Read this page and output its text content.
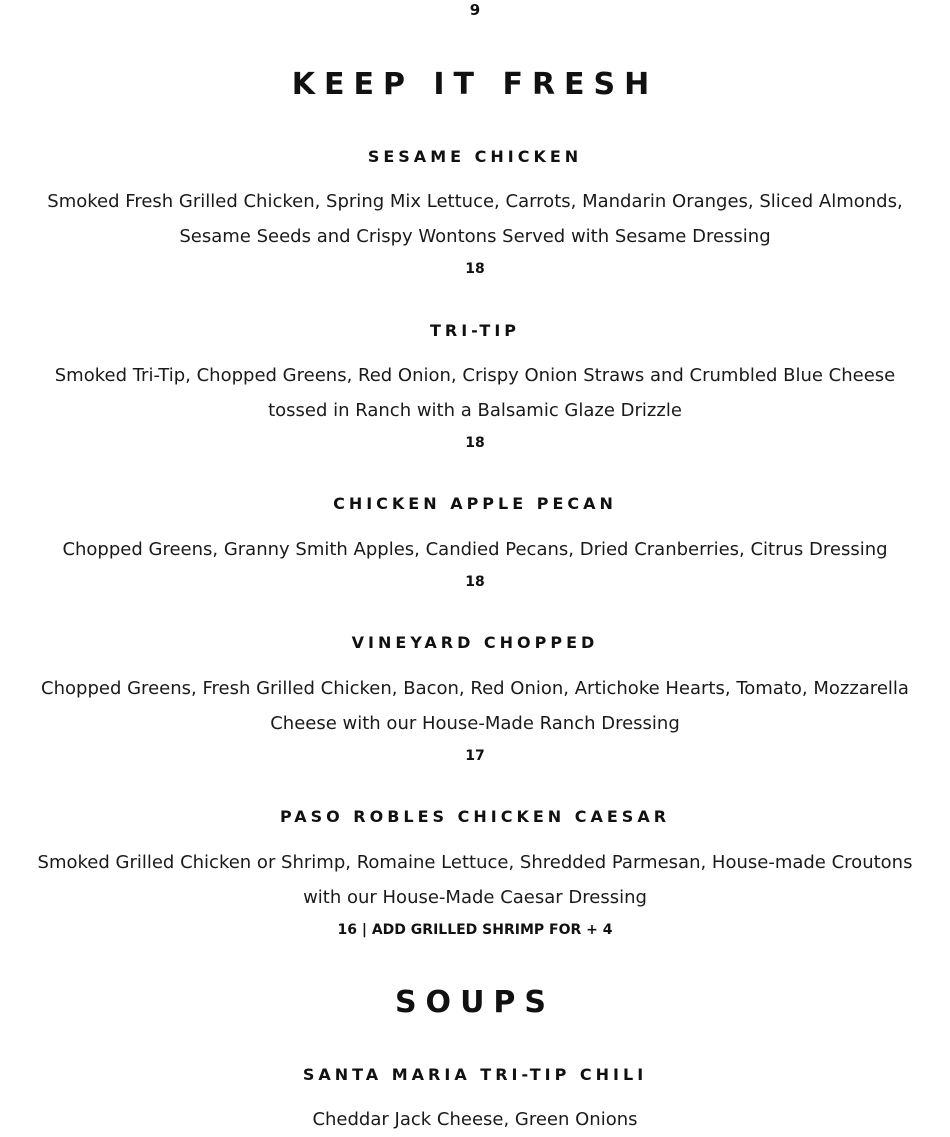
9
KEEP IT FRESH
SESAME CHICKEN
Smoked Fresh Grilled Chicken, Spring Mix Lettuce, Carrots, Mandarin Oranges, Sliced Almonds, Sesame Seeds and Crispy Wontons Served with Sesame Dressing
18
TRI-TIP
Smoked Tri-Tip, Chopped Greens, Red Onion, Crispy Onion Straws and Crumbled Blue Cheese tossed in Ranch with a Balsamic Glaze Drizzle
18
CHICKEN APPLE PECAN
Chopped Greens, Granny Smith Apples, Candied Pecans, Dried Cranberries, Citrus Dressing
18
VINEYARD CHOPPED
Chopped Greens, Fresh Grilled Chicken, Bacon, Red Onion, Artichoke Hearts, Tomato, Mozzarella Cheese with our House-Made Ranch Dressing
17
PASO ROBLES CHICKEN CAESAR
Smoked Grilled Chicken or Shrimp, Romaine Lettuce, Shredded Parmesan, House-made Croutons with our House-Made Caesar Dressing
16 | ADD GRILLED SHRIMP FOR + 4
SOUPS
SANTA MARIA TRI-TIP CHILI
Cheddar Jack Cheese, Green Onions
